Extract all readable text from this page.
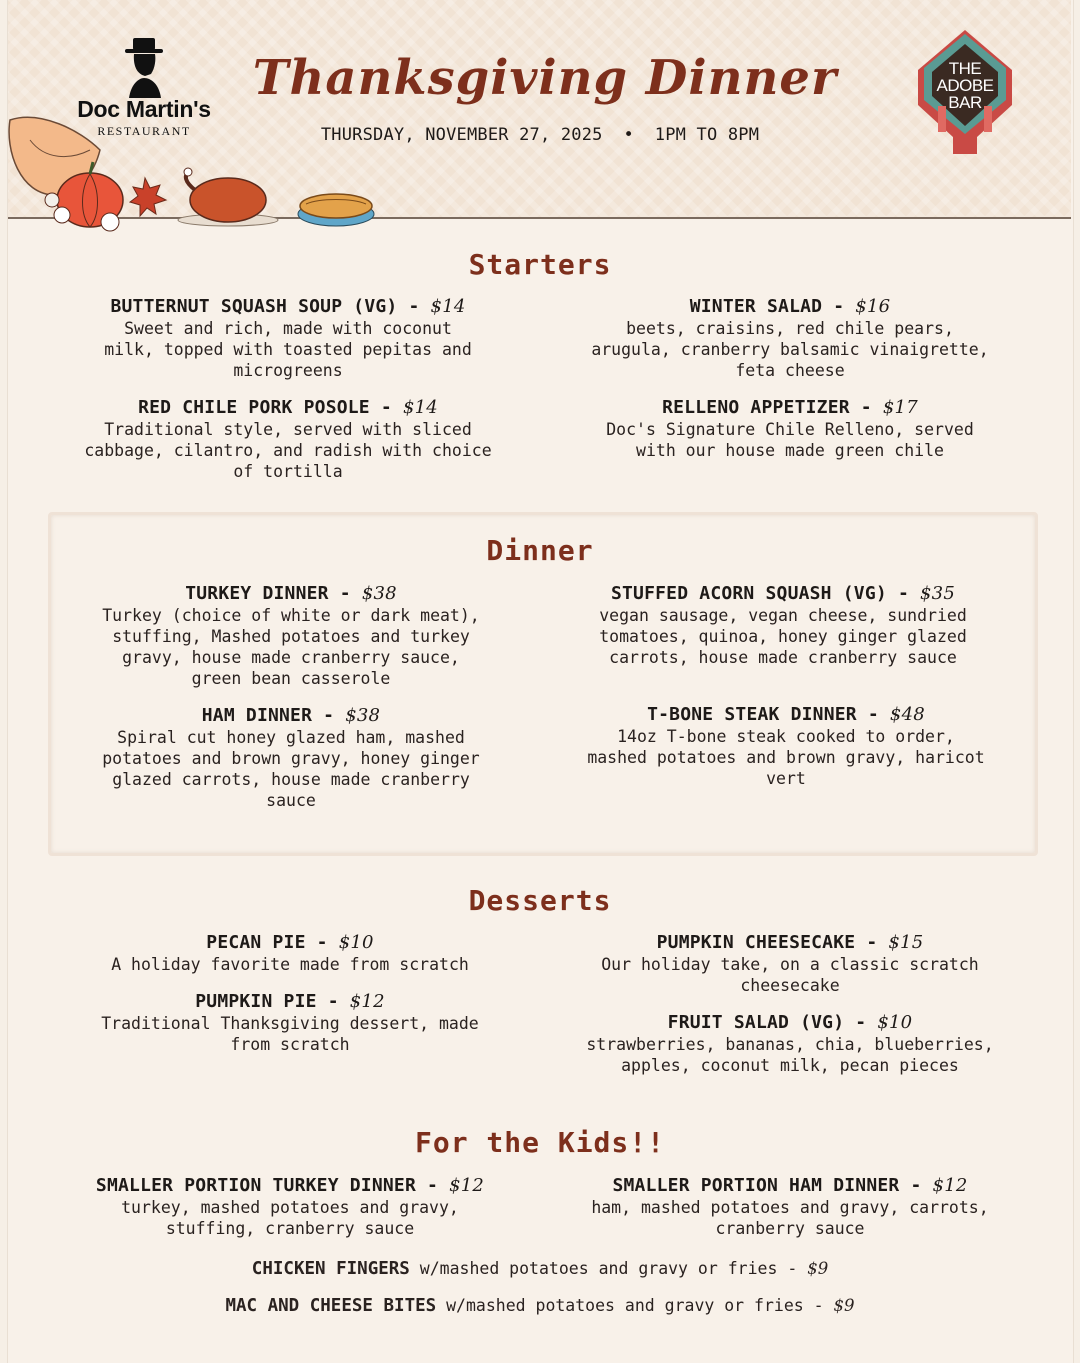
Doc Martin's
RESTAURANT
Thanksgiving Dinner
THURSDAY, NOVEMBER 27, 2025  •  1PM TO 8PM
THE
ADOBE
BAR
Starters
BUTTERNUT SQUASH SOUP (VG) - $14
Sweet and rich, made with coconut
milk, topped with toasted pepitas and
microgreens
WINTER SALAD - $16
beets, craisins, red chile pears,
arugula, cranberry balsamic vinaigrette,
feta cheese
RED CHILE PORK POSOLE - $14
Traditional style, served with sliced
cabbage, cilantro, and radish with choice
of tortilla
RELLENO APPETIZER - $17
Doc's Signature Chile Relleno, served
with our house made green chile
Dinner
TURKEY DINNER - $38
Turkey (choice of white or dark meat),
stuffing, Mashed potatoes and turkey
gravy, house made cranberry sauce,
green bean casserole
STUFFED ACORN SQUASH (VG) - $35
vegan sausage, vegan cheese, sundried
tomatoes, quinoa, honey ginger glazed
carrots, house made cranberry sauce
HAM DINNER - $38
Spiral cut honey glazed ham, mashed
potatoes and brown gravy, honey ginger
glazed carrots, house made cranberry
sauce
T-BONE STEAK DINNER - $48
14oz T-bone steak cooked to order,
mashed potatoes and brown gravy, haricot
vert
Desserts
PECAN PIE - $10
A holiday favorite made from scratch
PUMPKIN CHEESECAKE - $15
Our holiday take, on a classic scratch
cheesecake
PUMPKIN PIE - $12
Traditional Thanksgiving dessert, made
from scratch
FRUIT SALAD (VG) - $10
strawberries, bananas, chia, blueberries,
apples, coconut milk, pecan pieces
For the Kids!!
SMALLER PORTION TURKEY DINNER - $12
turkey, mashed potatoes and gravy,
stuffing, cranberry sauce
SMALLER PORTION HAM DINNER - $12
ham, mashed potatoes and gravy, carrots,
cranberry sauce
CHICKEN FINGERS w/mashed potatoes and gravy or fries - $9
MAC AND CHEESE BITES w/mashed potatoes and gravy or fries - $9
